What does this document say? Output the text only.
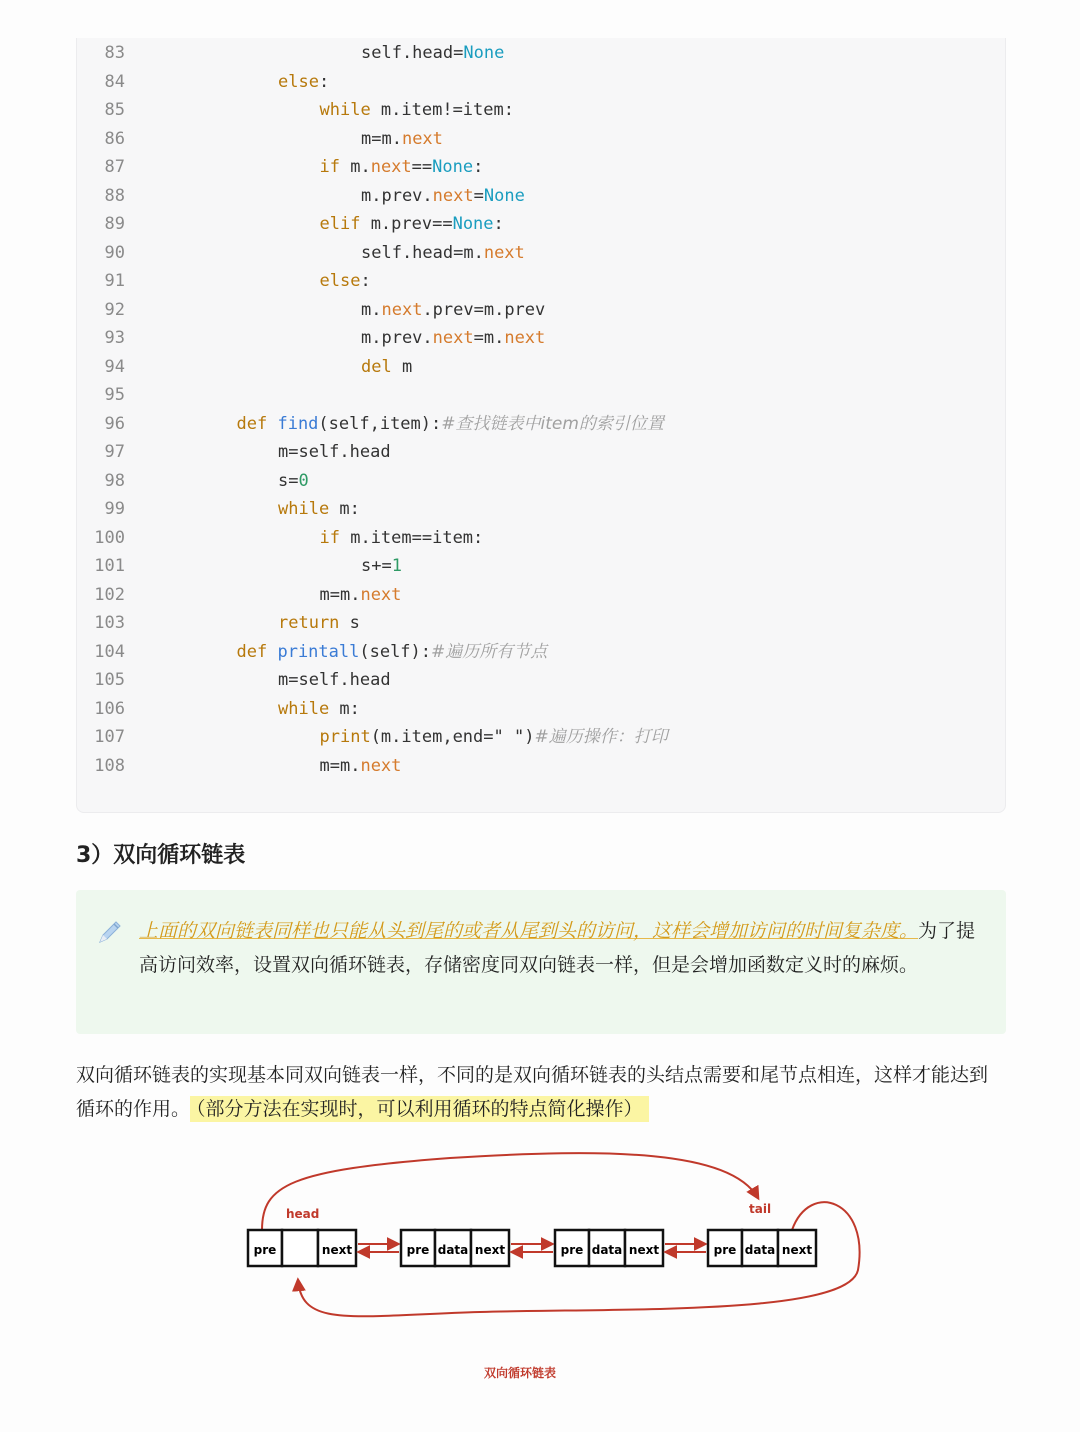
83	self.head=None
84	else:
85	while m.item!=item:
86	m=m.next
87	if m.next==None:
88	m.prev.next=None
89	elif m.prev==None:
90	self.head=m.next
91	else:
92	m.next.prev=m.prev
93	m.prev.next=m.next
94	del m
95
96	def find(self,item):#查找链表中item的索引位置
97	m=self.head
98	s=0
99	while m:
100	if m.item==item:
101	s+=1
102	m=m.next
103	return s
104	def printall(self):#遍历所有节点
105	m=self.head
106	while m:
107	print(m.item,end=" ")#遍历操作：打印
108	m=m.next
3）双向循环链表
上面的双向链表同样也只能从头到尾的或者从尾到头的访问，这样会增加访问的时间复杂度。为了提高访问效率，设置双向循环链表，存储密度同双向链表一样，但是会增加函数定义时的麻烦。
双向循环链表的实现基本同双向链表一样，不同的是双向循环链表的头结点需要和尾节点相连，这样才能达到循环的作用。 （部分方法在实现时，可以利用循环的特点简化操作）
head	tail
pre	next	pre data next	pre data next	pre data next
双向循环链表
